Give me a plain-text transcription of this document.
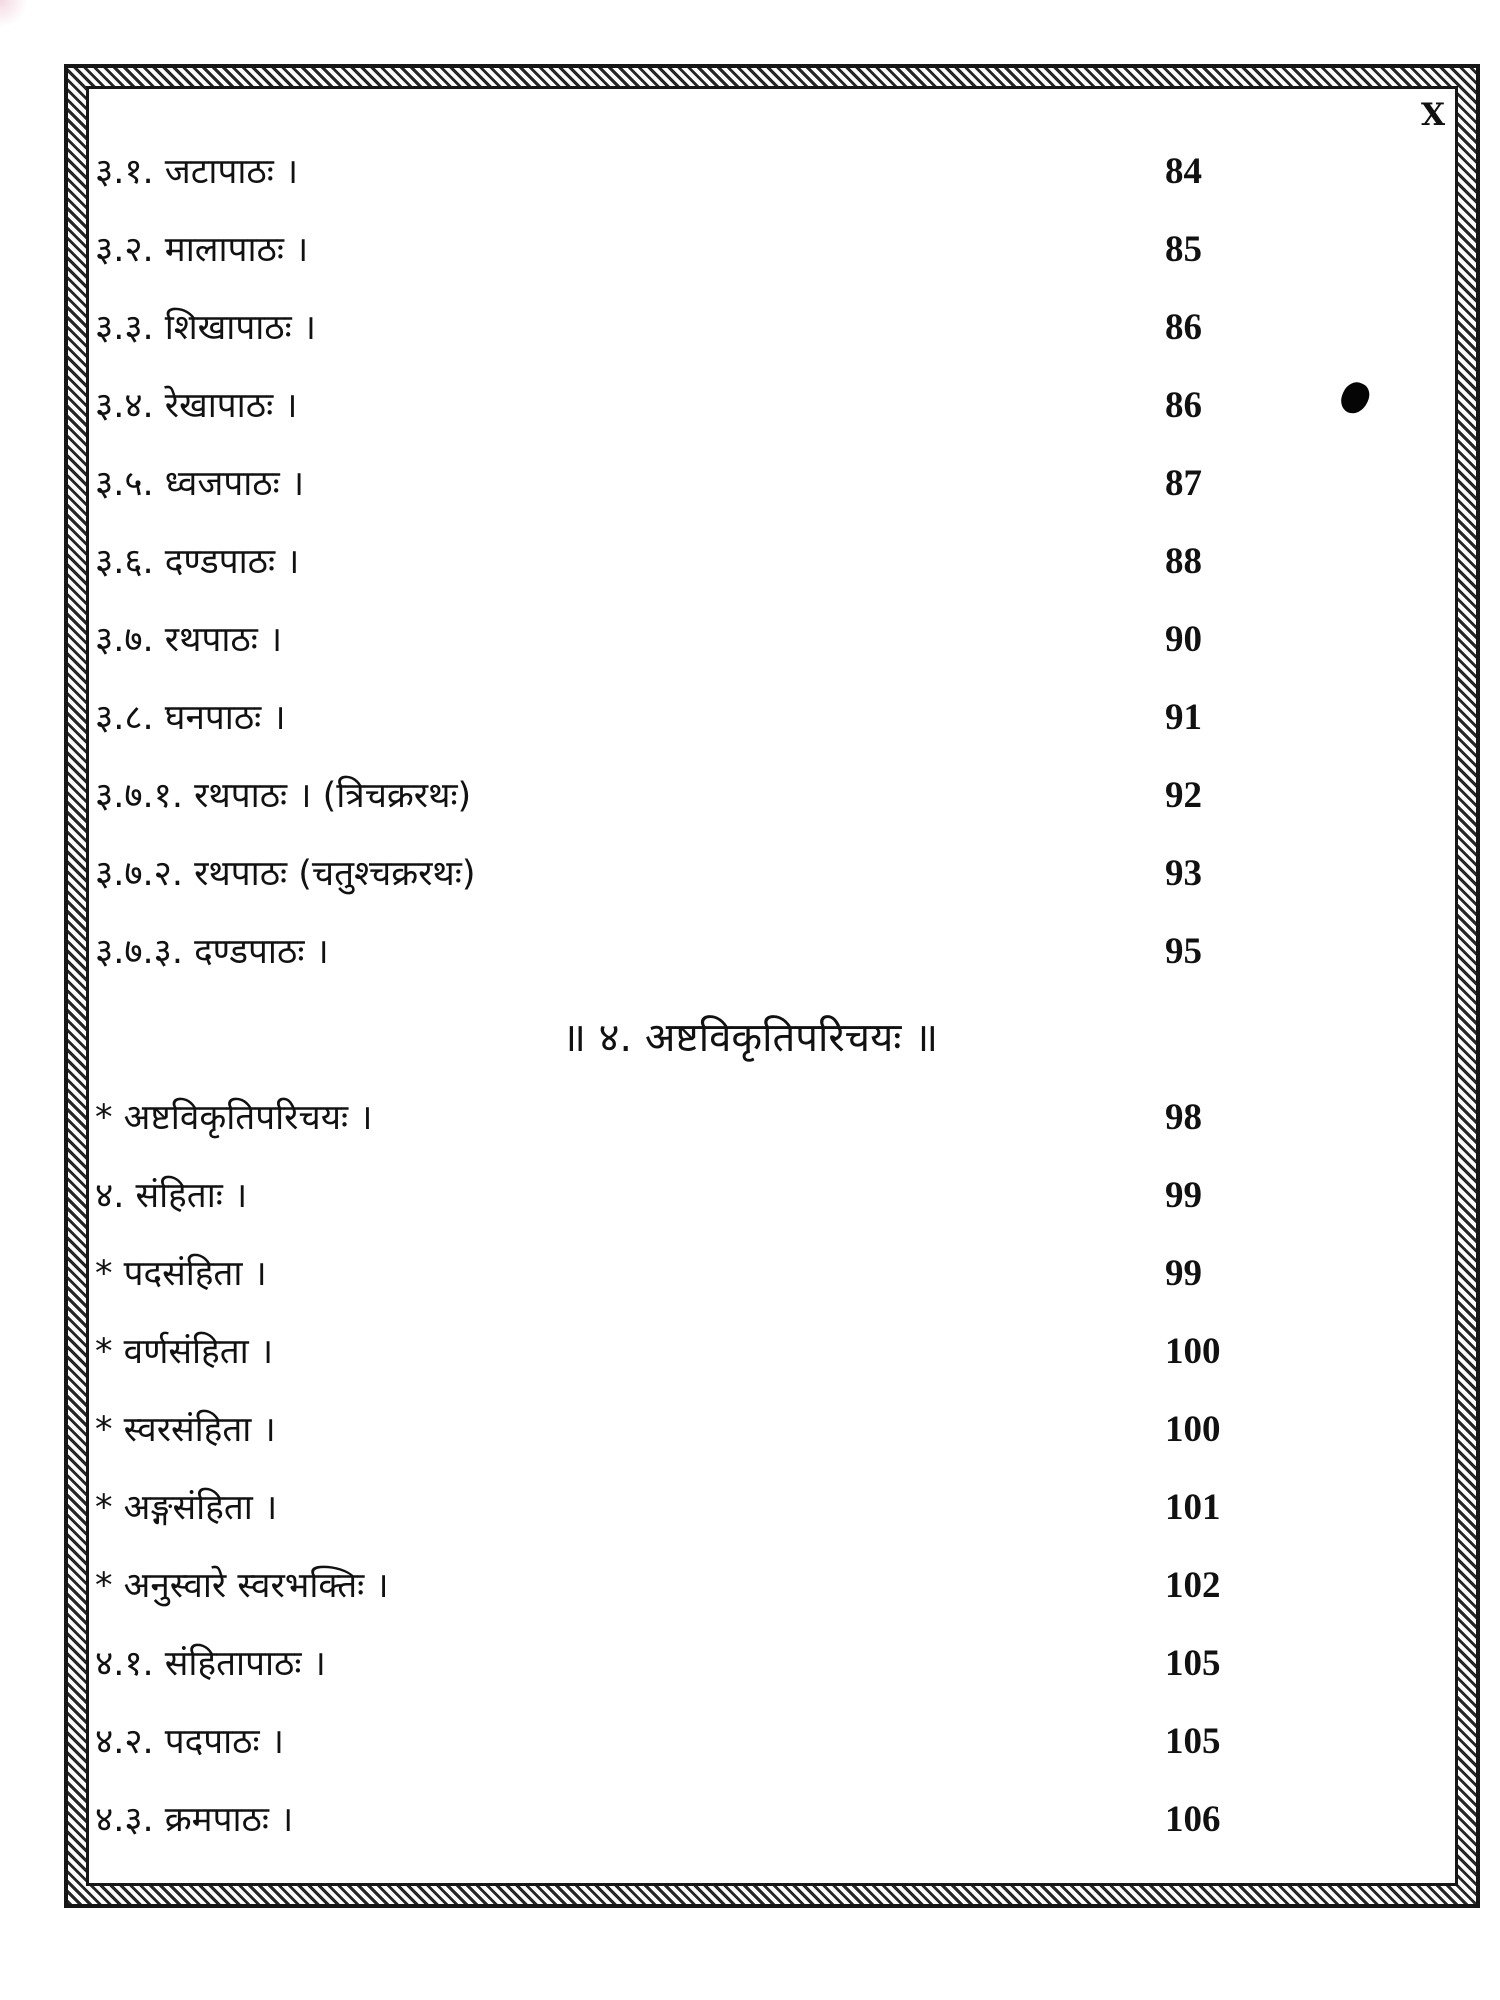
X
३.१. जटापाठः ।	84
३.२. मालापाठः ।	85
३.३. शिखापाठः ।	86
३.४. रेखापाठः ।	86
३.५. ध्वजपाठः ।	87
३.६. दण्डपाठः ।	88
३.७. रथपाठः ।	90
३.८. घनपाठः ।	91
३.७.१. रथपाठः । (त्रिचक्ररथः)	92
३.७.२. रथपाठः (चतुश्चक्ररथः)	93
३.७.३. दण्डपाठः ।	95
॥ ४. अष्टविकृतिपरिचयः ॥
* अष्टविकृतिपरिचयः ।	98
४. संहिताः ।	99
* पदसंहिता ।	99
* वर्णसंहिता ।	100
* स्वरसंहिता ।	100
* अङ्गसंहिता ।	101
* अनुस्वारे स्वरभक्तिः ।	102
४.१. संहितापाठः ।	105
४.२. पदपाठः ।	105
४.३. क्रमपाठः ।	106
